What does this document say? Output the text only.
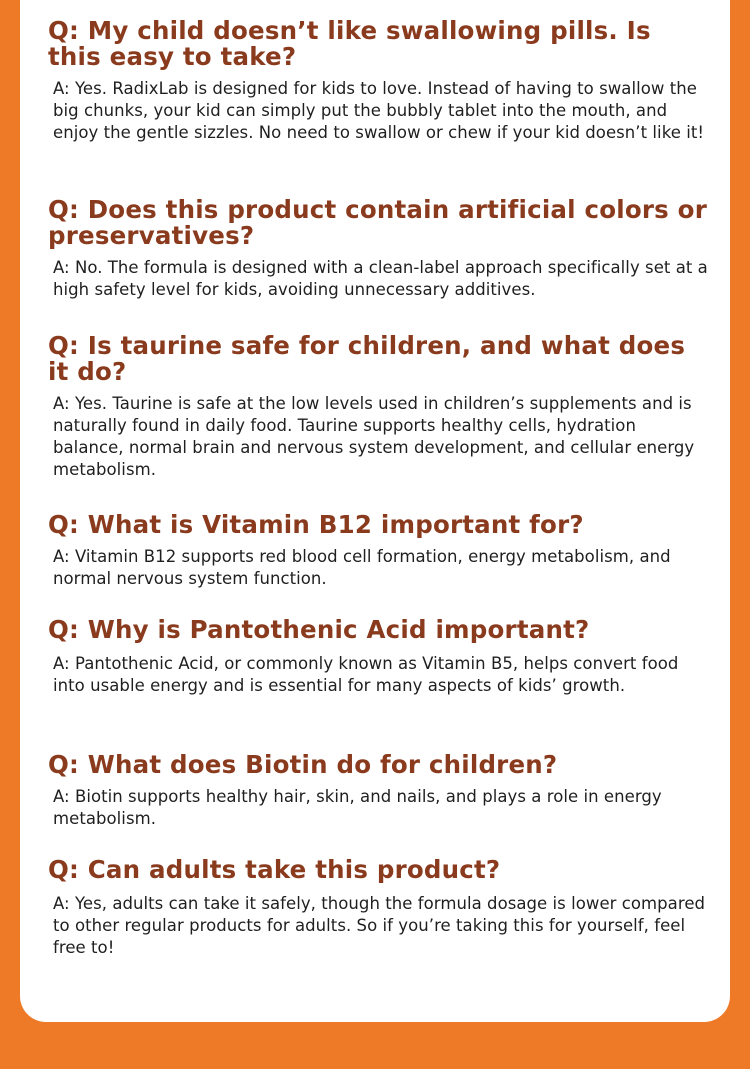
Q: My child doesn’t like swallowing pills. Is this easy to take?

A: Yes. RadixLab is designed for kids to love. Instead of having to swallow the big chunks, your kid can simply put the bubbly tablet into the mouth, and enjoy the gentle sizzles. No need to swallow or chew if your kid doesn’t like it!

Q: Does this product contain artificial colors or preservatives?

A: No. The formula is designed with a clean-label approach specifically set at a high safety level for kids, avoiding unnecessary additives.

Q: Is taurine safe for children, and what does it do?

A: Yes. Taurine is safe at the low levels used in children’s supplements and is naturally found in daily food. Taurine supports healthy cells, hydration balance, normal brain and nervous system development, and cellular energy metabolism.

Q: What is Vitamin B12 important for?

A: Vitamin B12 supports red blood cell formation, energy metabolism, and normal nervous system function.

Q: Why is Pantothenic Acid important?

A: Pantothenic Acid, or commonly known as Vitamin B5, helps convert food into usable energy and is essential for many aspects of kids’ growth.

Q: What does Biotin do for children?

A: Biotin supports healthy hair, skin, and nails, and plays a role in energy metabolism.

Q: Can adults take this product?

A: Yes, adults can take it safely, though the formula dosage is lower compared to other regular products for adults. So if you’re taking this for yourself, feel free to!
